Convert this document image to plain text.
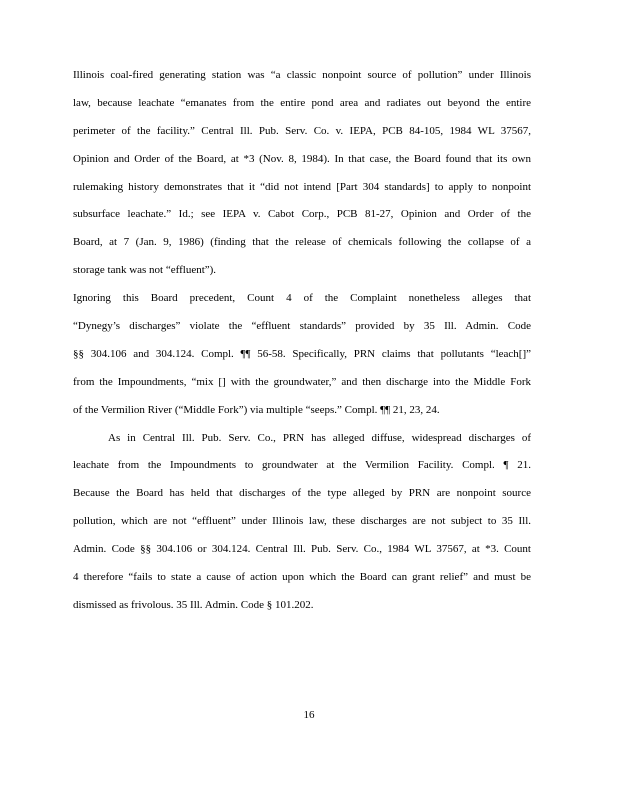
Illinois coal-fired generating station was “a classic nonpoint source of pollution” under Illinois
law, because leachate “emanates from the entire pond area and radiates out beyond the entire
perimeter of the facility.” Central Ill. Pub. Serv. Co. v. IEPA, PCB 84-105, 1984 WL 37567,
Opinion and Order of the Board, at *3 (Nov. 8, 1984). In that case, the Board found that its own
rulemaking history demonstrates that it “did not intend [Part 304 standards] to apply to nonpoint
subsurface leachate.” Id.; see IEPA v. Cabot Corp., PCB 81-27, Opinion and Order of the
Board, at 7 (Jan. 9, 1986) (finding that the release of chemicals following the collapse of a
storage tank was not “effluent”).
Ignoring this Board precedent, Count 4 of the Complaint nonetheless alleges that
“Dynegy’s discharges” violate the “effluent standards” provided by 35 Ill. Admin. Code
§§ 304.106 and 304.124. Compl. ¶¶ 56-58. Specifically, PRN claims that pollutants “leach[]”
from the Impoundments, “mix [] with the groundwater,” and then discharge into the Middle Fork
of the Vermilion River (“Middle Fork”) via multiple “seeps.” Compl. ¶¶ 21, 23, 24.
As in Central Ill. Pub. Serv. Co., PRN has alleged diffuse, widespread discharges of
leachate from the Impoundments to groundwater at the Vermilion Facility. Compl. ¶ 21.
Because the Board has held that discharges of the type alleged by PRN are nonpoint source
pollution, which are not “effluent” under Illinois law, these discharges are not subject to 35 Ill.
Admin. Code §§ 304.106 or 304.124. Central Ill. Pub. Serv. Co., 1984 WL 37567, at *3. Count
4 therefore “fails to state a cause of action upon which the Board can grant relief” and must be
dismissed as frivolous. 35 Ill. Admin. Code § 101.202.
16
